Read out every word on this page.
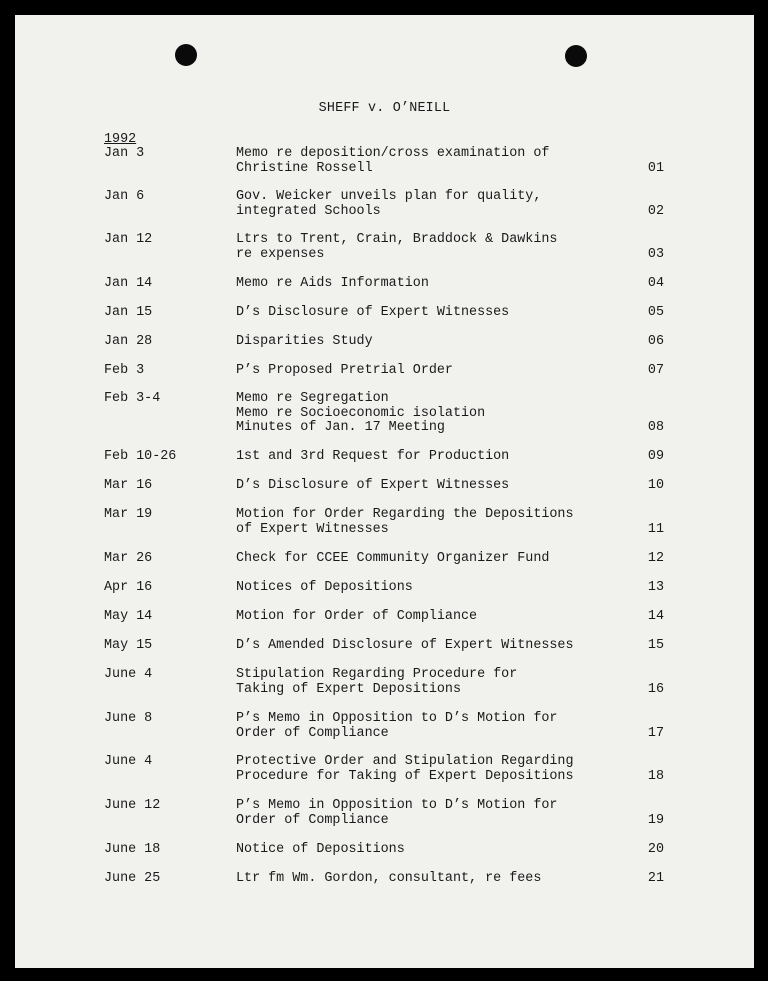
SHEFF v. O’NEILL
1992
Jan 3	Memo re deposition/cross examination of
Christine Rossell	01
Jan 6	Gov. Weicker unveils plan for quality,
integrated Schools	02
Jan 12	Ltrs to Trent, Crain, Braddock & Dawkins
re expenses	03
Jan 14	Memo re Aids Information	04
Jan 15	D’s Disclosure of Expert Witnesses	05
Jan 28	Disparities Study	06
Feb 3	P’s Proposed Pretrial Order	07
Feb 3-4	Memo re Segregation
Memo re Socioeconomic isolation
Minutes of Jan. 17 Meeting	08
Feb 10-26	1st and 3rd Request for Production	09
Mar 16	D’s Disclosure of Expert Witnesses	10
Mar 19	Motion for Order Regarding the Depositions
of Expert Witnesses	11
Mar 26	Check for CCEE Community Organizer Fund	12
Apr 16	Notices of Depositions	13
May 14	Motion for Order of Compliance	14
May 15	D’s Amended Disclosure of Expert Witnesses	15
June 4	Stipulation Regarding Procedure for
Taking of Expert Depositions	16
June 8	P’s Memo in Opposition to D’s Motion for
Order of Compliance	17
June 4	Protective Order and Stipulation Regarding
Procedure for Taking of Expert Depositions	18
June 12	P’s Memo in Opposition to D’s Motion for
Order of Compliance	19
June 18	Notice of Depositions	20
June 25	Ltr fm Wm. Gordon, consultant, re fees	21
